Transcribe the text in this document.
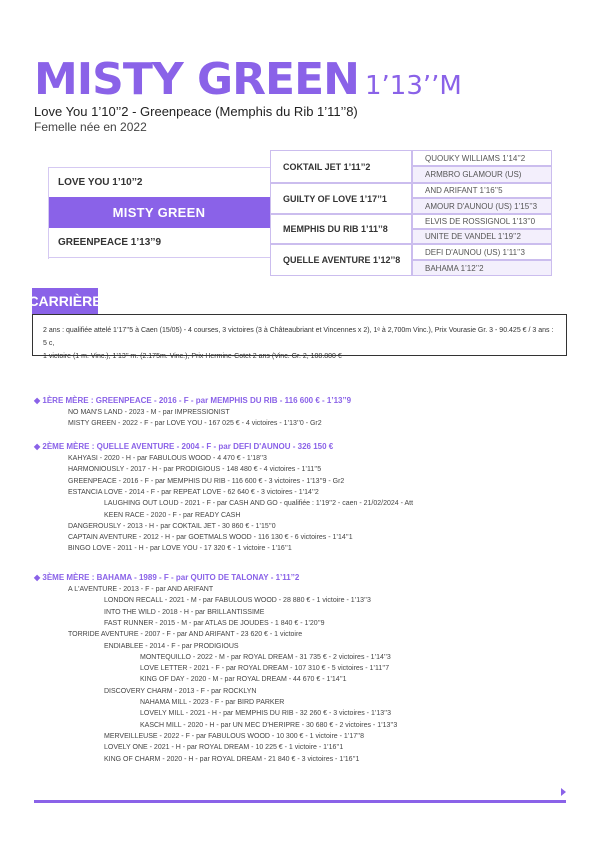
MISTY GREEN 1’13’’M
Love You 1’10’’2 - Greenpeace (Memphis du Rib 1’11’’8)
Femelle née en 2022
LOVE YOU 1’10’’2
MISTY GREEN
GREENPEACE 1’13’’9
COKTAIL JET 1’11’’2
GUILTY OF LOVE 1’17’’1
MEMPHIS DU RIB 1’11’’8
QUELLE AVENTURE 1’12’’8
QUOUKY WILLIAMS 1’14’’2
ARMBRO GLAMOUR (US)
AND ARIFANT 1’16’’5
AMOUR D'AUNOU (US) 1’15’’3
ELVIS DE ROSSIGNOL 1’13’’0
UNITE DE VANDEL 1’19’’2
DEFI D'AUNOU (US) 1’11’’3
BAHAMA 1’12’’2
CARRIÈRE
2 ans : qualifiée attelé 1’17’’5 à Caen (15/05) - 4 courses, 3 victoires (3 à Châteaubriant et Vincennes x 2), 1ᵉ à 2,700m Vinc.), Prix Vourasie Gr. 3 - 90.425 € / 3 ans : 5 c,
1 victoire (1 m. Vinc.), 1’13’’ m. (2.175m. Vinc.), Prix Hermine-Cotet 2 ans (Vinc. Gr. 2, 108.800 €
◆ 1ÈRE MÈRE : GREENPEACE - 2016 - F - par MEMPHIS DU RIB - 116 600 € - 1’13’’9
NO MAN'S LAND - 2023 - M - par IMPRESSIONIST
MISTY GREEN - 2022 - F - par LOVE YOU - 167 025 € - 4 victoires - 1’13’’0 - Gr2
◆ 2ÈME MÈRE : QUELLE AVENTURE - 2004 - F - par DEFI D'AUNOU - 326 150 €
KAHYASI - 2020 - H - par FABULOUS WOOD - 4 470 € - 1’18’’3
HARMONIOUSLY - 2017 - H - par PRODIGIOUS - 148 480 € - 4 victoires - 1’11’’5
GREENPEACE - 2016 - F - par MEMPHIS DU RIB - 116 600 € - 3 victoires - 1’13’’9 - Gr2
ESTANCIA LOVE - 2014 - F - par REPEAT LOVE - 62 640 € - 3 victoires - 1’14’’2
LAUGHING OUT LOUD - 2021 - F - par CASH AND GO - qualifiée : 1’19’’2 - caen - 21/02/2024 - Att
KEEN RACE - 2020 - F - par READY CASH
DANGEROUSLY - 2013 - H - par COKTAIL JET - 30 860 € - 1’15’’0
CAPTAIN AVENTURE - 2012 - H - par GOETMALS WOOD - 116 130 € - 6 victoires - 1’14’’1
BINGO LOVE - 2011 - H - par LOVE YOU - 17 320 € - 1 victoire - 1’16’’1
◆ 3ÈME MÈRE : BAHAMA - 1989 - F - par QUITO DE TALONAY - 1’11’’2
A L'AVENTURE - 2013 - F - par AND ARIFANT
LONDON RECALL - 2021 - M - par FABULOUS WOOD - 28 880 € - 1 victoire - 1’13’’3
INTO THE WILD - 2018 - H - par BRILLANTISSIME
FAST RUNNER - 2015 - M - par ATLAS DE JOUDES - 1 840 € - 1’20’’9
TORRIDE AVENTURE - 2007 - F - par AND ARIFANT - 23 620 € - 1 victoire
ENDIABLEE - 2014 - F - par PRODIGIOUS
MONTEQUILLO - 2022 - M - par ROYAL DREAM - 31 735 € - 2 victoires - 1’14’’3
LOVE LETTER - 2021 - F - par ROYAL DREAM - 107 310 € - 5 victoires - 1’11’’7
KING OF DAY - 2020 - M - par ROYAL DREAM - 44 670 € - 1’14’’1
DISCOVERY CHARM - 2013 - F - par ROCKLYN
NAHAMA MILL - 2023 - F - par BIRD PARKER
LOVELY MILL - 2021 - H - par MEMPHIS DU RIB - 32 260 € - 3 victoires - 1’13’’3
KASCH MILL - 2020 - H - par UN MEC D'HERIPRE - 30 680 € - 2 victoires - 1’13’’3
MERVEILLEUSE - 2022 - F - par FABULOUS WOOD - 10 300 € - 1 victoire - 1’17’’8
LOVELY ONE - 2021 - H - par ROYAL DREAM - 10 225 € - 1 victoire - 1’16’’1
KING OF CHARM - 2020 - H - par ROYAL DREAM - 21 840 € - 3 victoires - 1’16’’1
